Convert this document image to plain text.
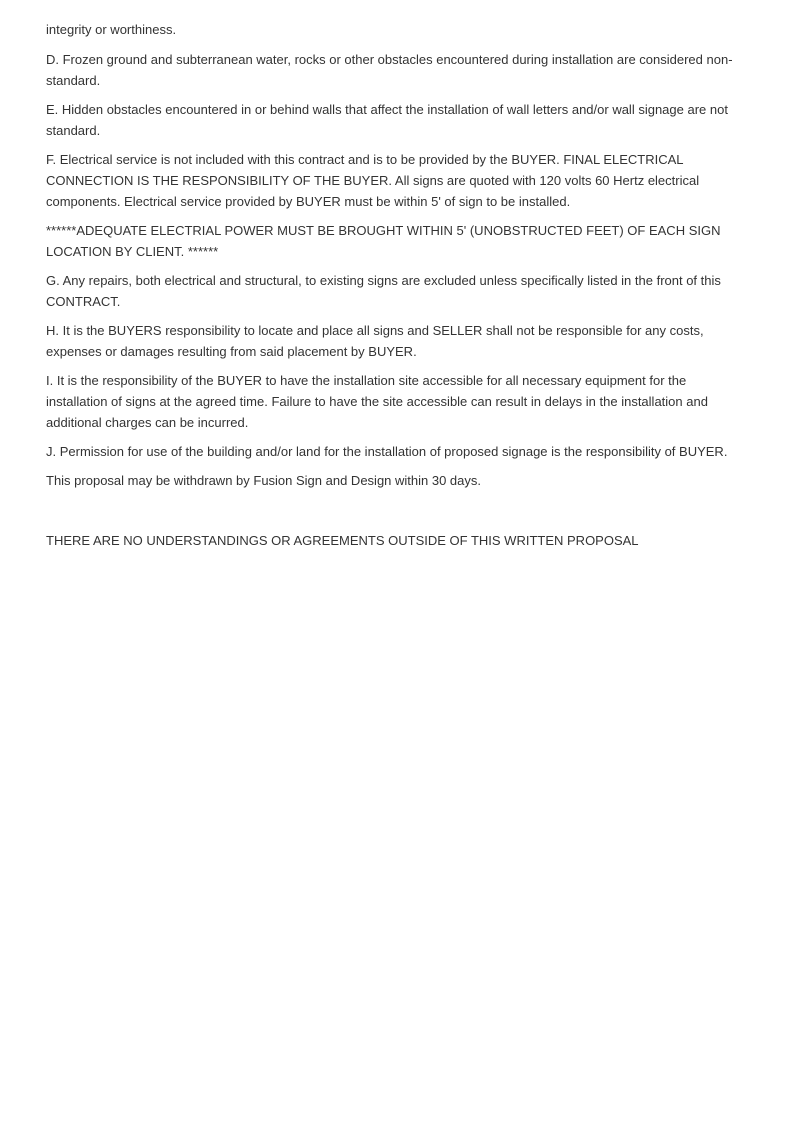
integrity or worthiness.

D. Frozen ground and subterranean water, rocks or other obstacles encountered during installation are considered non-standard.

E. Hidden obstacles encountered in or behind walls that affect the installation of wall letters and/or wall signage are not standard.

F. Electrical service is not included with this contract and is to be provided by the BUYER. FINAL ELECTRICAL CONNECTION IS THE RESPONSIBILITY OF THE BUYER. All signs are quoted with 120 volts 60 Hertz electrical components. Electrical service provided by BUYER must be within 5' of sign to be installed.

******ADEQUATE ELECTRIAL POWER MUST BE BROUGHT WITHIN 5' (UNOBSTRUCTED FEET) OF EACH SIGN LOCATION BY CLIENT. ******

G. Any repairs, both electrical and structural, to existing signs are excluded unless specifically listed in the front of this CONTRACT.

H. It is the BUYERS responsibility to locate and place all signs and SELLER shall not be responsible for any costs, expenses or damages resulting from said placement by BUYER.

I. It is the responsibility of the BUYER to have the installation site accessible for all necessary equipment for the installation of signs at the agreed time. Failure to have the site accessible can result in delays in the installation and additional charges can be incurred.

J. Permission for use of the building and/or land for the installation of proposed signage is the responsibility of BUYER.

This proposal may be withdrawn by Fusion Sign and Design within 30 days.

THERE ARE NO UNDERSTANDINGS OR AGREEMENTS OUTSIDE OF THIS WRITTEN PROPOSAL
